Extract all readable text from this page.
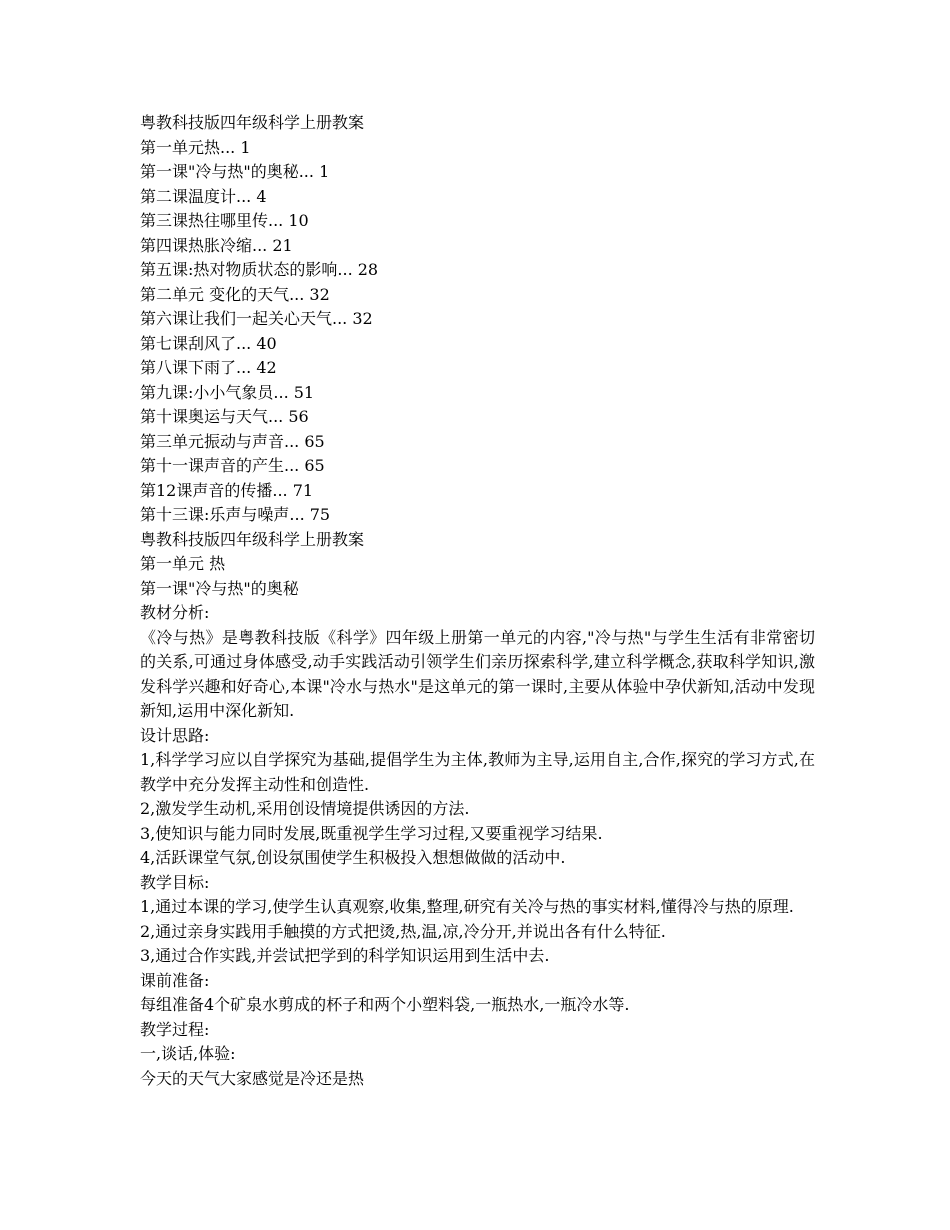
粤教科技版四年级科学上册教案
第一单元热... 1
第一课"冷与热"的奥秘... 1
第二课温度计... 4
第三课热往哪里传... 10
第四课热胀冷缩... 21
第五课:热对物质状态的影响... 28
第二单元 变化的天气... 32
第六课让我们一起关心天气... 32
第七课刮风了... 40
第八课下雨了... 42
第九课:小小气象员... 51
第十课奥运与天气... 56
第三单元振动与声音... 65
第十一课声音的产生... 65
第12课声音的传播... 71
第十三课:乐声与噪声... 75
粤教科技版四年级科学上册教案
第一单元 热
第一课"冷与热"的奥秘
教材分析:
《冷与热》是粤教科技版《科学》四年级上册第一单元的内容,"冷与热"与学生生活有非常密切的关系,可通过身体感受,动手实践活动引领学生们亲历探索科学,建立科学概念,获取科学知识,激发科学兴趣和好奇心,本课"冷水与热水"是这单元的第一课时,主要从体验中孕伏新知,活动中发现新知,运用中深化新知.
设计思路:
1,科学学习应以自学探究为基础,提倡学生为主体,教师为主导,运用自主,合作,探究的学习方式,在教学中充分发挥主动性和创造性.
2,激发学生动机,采用创设情境提供诱因的方法.
3,使知识与能力同时发展,既重视学生学习过程,又要重视学习结果.
4,活跃课堂气氛,创设氛围使学生积极投入想想做做的活动中.
教学目标:
1,通过本课的学习,使学生认真观察,收集,整理,研究有关冷与热的事实材料,懂得冷与热的原理.
2,通过亲身实践用手触摸的方式把烫,热,温,凉,冷分开,并说出各有什么特征.
3,通过合作实践,并尝试把学到的科学知识运用到生活中去.
课前准备:
每组准备4个矿泉水剪成的杯子和两个小塑料袋,一瓶热水,一瓶冷水等.
教学过程:
一,谈话,体验:
今天的天气大家感觉是冷还是热
